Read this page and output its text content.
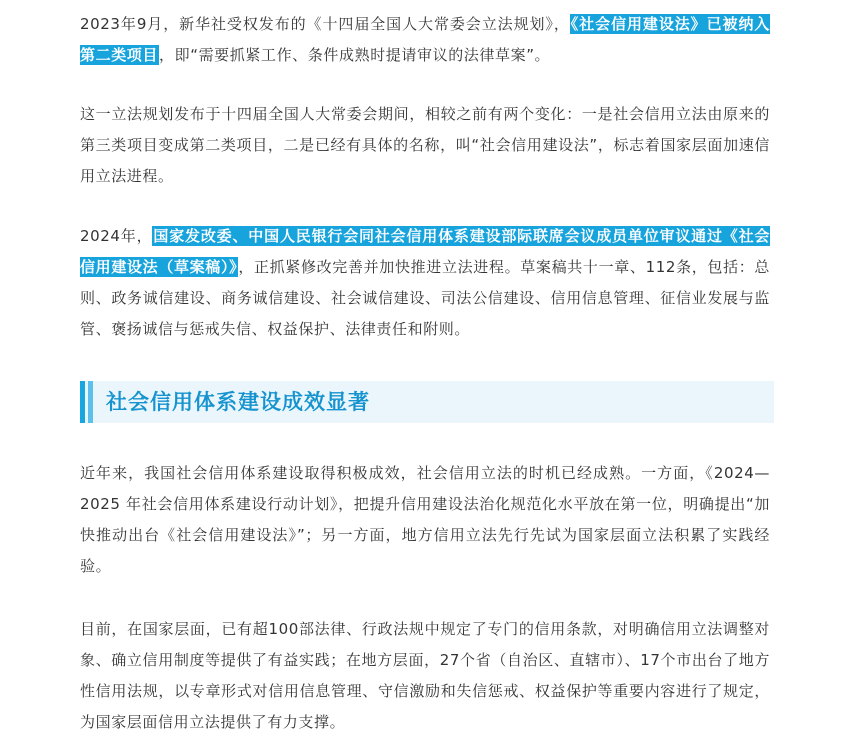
2023年9月，新华社受权发布的《十四届全国人大常委会立法规划》，《社会信用建设法》已被纳入第二类项目，即“需要抓紧工作、条件成熟时提请审议的法律草案”。

这一立法规划发布于十四届全国人大常委会期间，相较之前有两个变化：一是社会信用立法由原来的第三类项目变成第二类项目，二是已经有具体的名称，叫“社会信用建设法”，标志着国家层面加速信用立法进程。

2024年，国家发改委、中国人民银行会同社会信用体系建设部际联席会议成员单位审议通过《社会信用建设法（草案稿）》，正抓紧修改完善并加快推进立法进程。草案稿共十一章、112条，包括：总则、政务诚信建设、商务诚信建设、社会诚信建设、司法公信建设、信用信息管理、征信业发展与监管、褒扬诚信与惩戒失信、权益保护、法律责任和附则。

社会信用体系建设成效显著

近年来，我国社会信用体系建设取得积极成效，社会信用立法的时机已经成熟。一方面，《2024—2025 年社会信用体系建设行动计划》，把提升信用建设法治化规范化水平放在第一位，明确提出“加快推动出台《社会信用建设法》”；另一方面，地方信用立法先行先试为国家层面立法积累了实践经验。

目前，在国家层面，已有超100部法律、行政法规中规定了专门的信用条款，对明确信用立法调整对象、确立信用制度等提供了有益实践；在地方层面，27个省（自治区、直辖市）、17个市出台了地方性信用法规，以专章形式对信用信息管理、守信激励和失信惩戒、权益保护等重要内容进行了规定，为国家层面信用立法提供了有力支撑。
